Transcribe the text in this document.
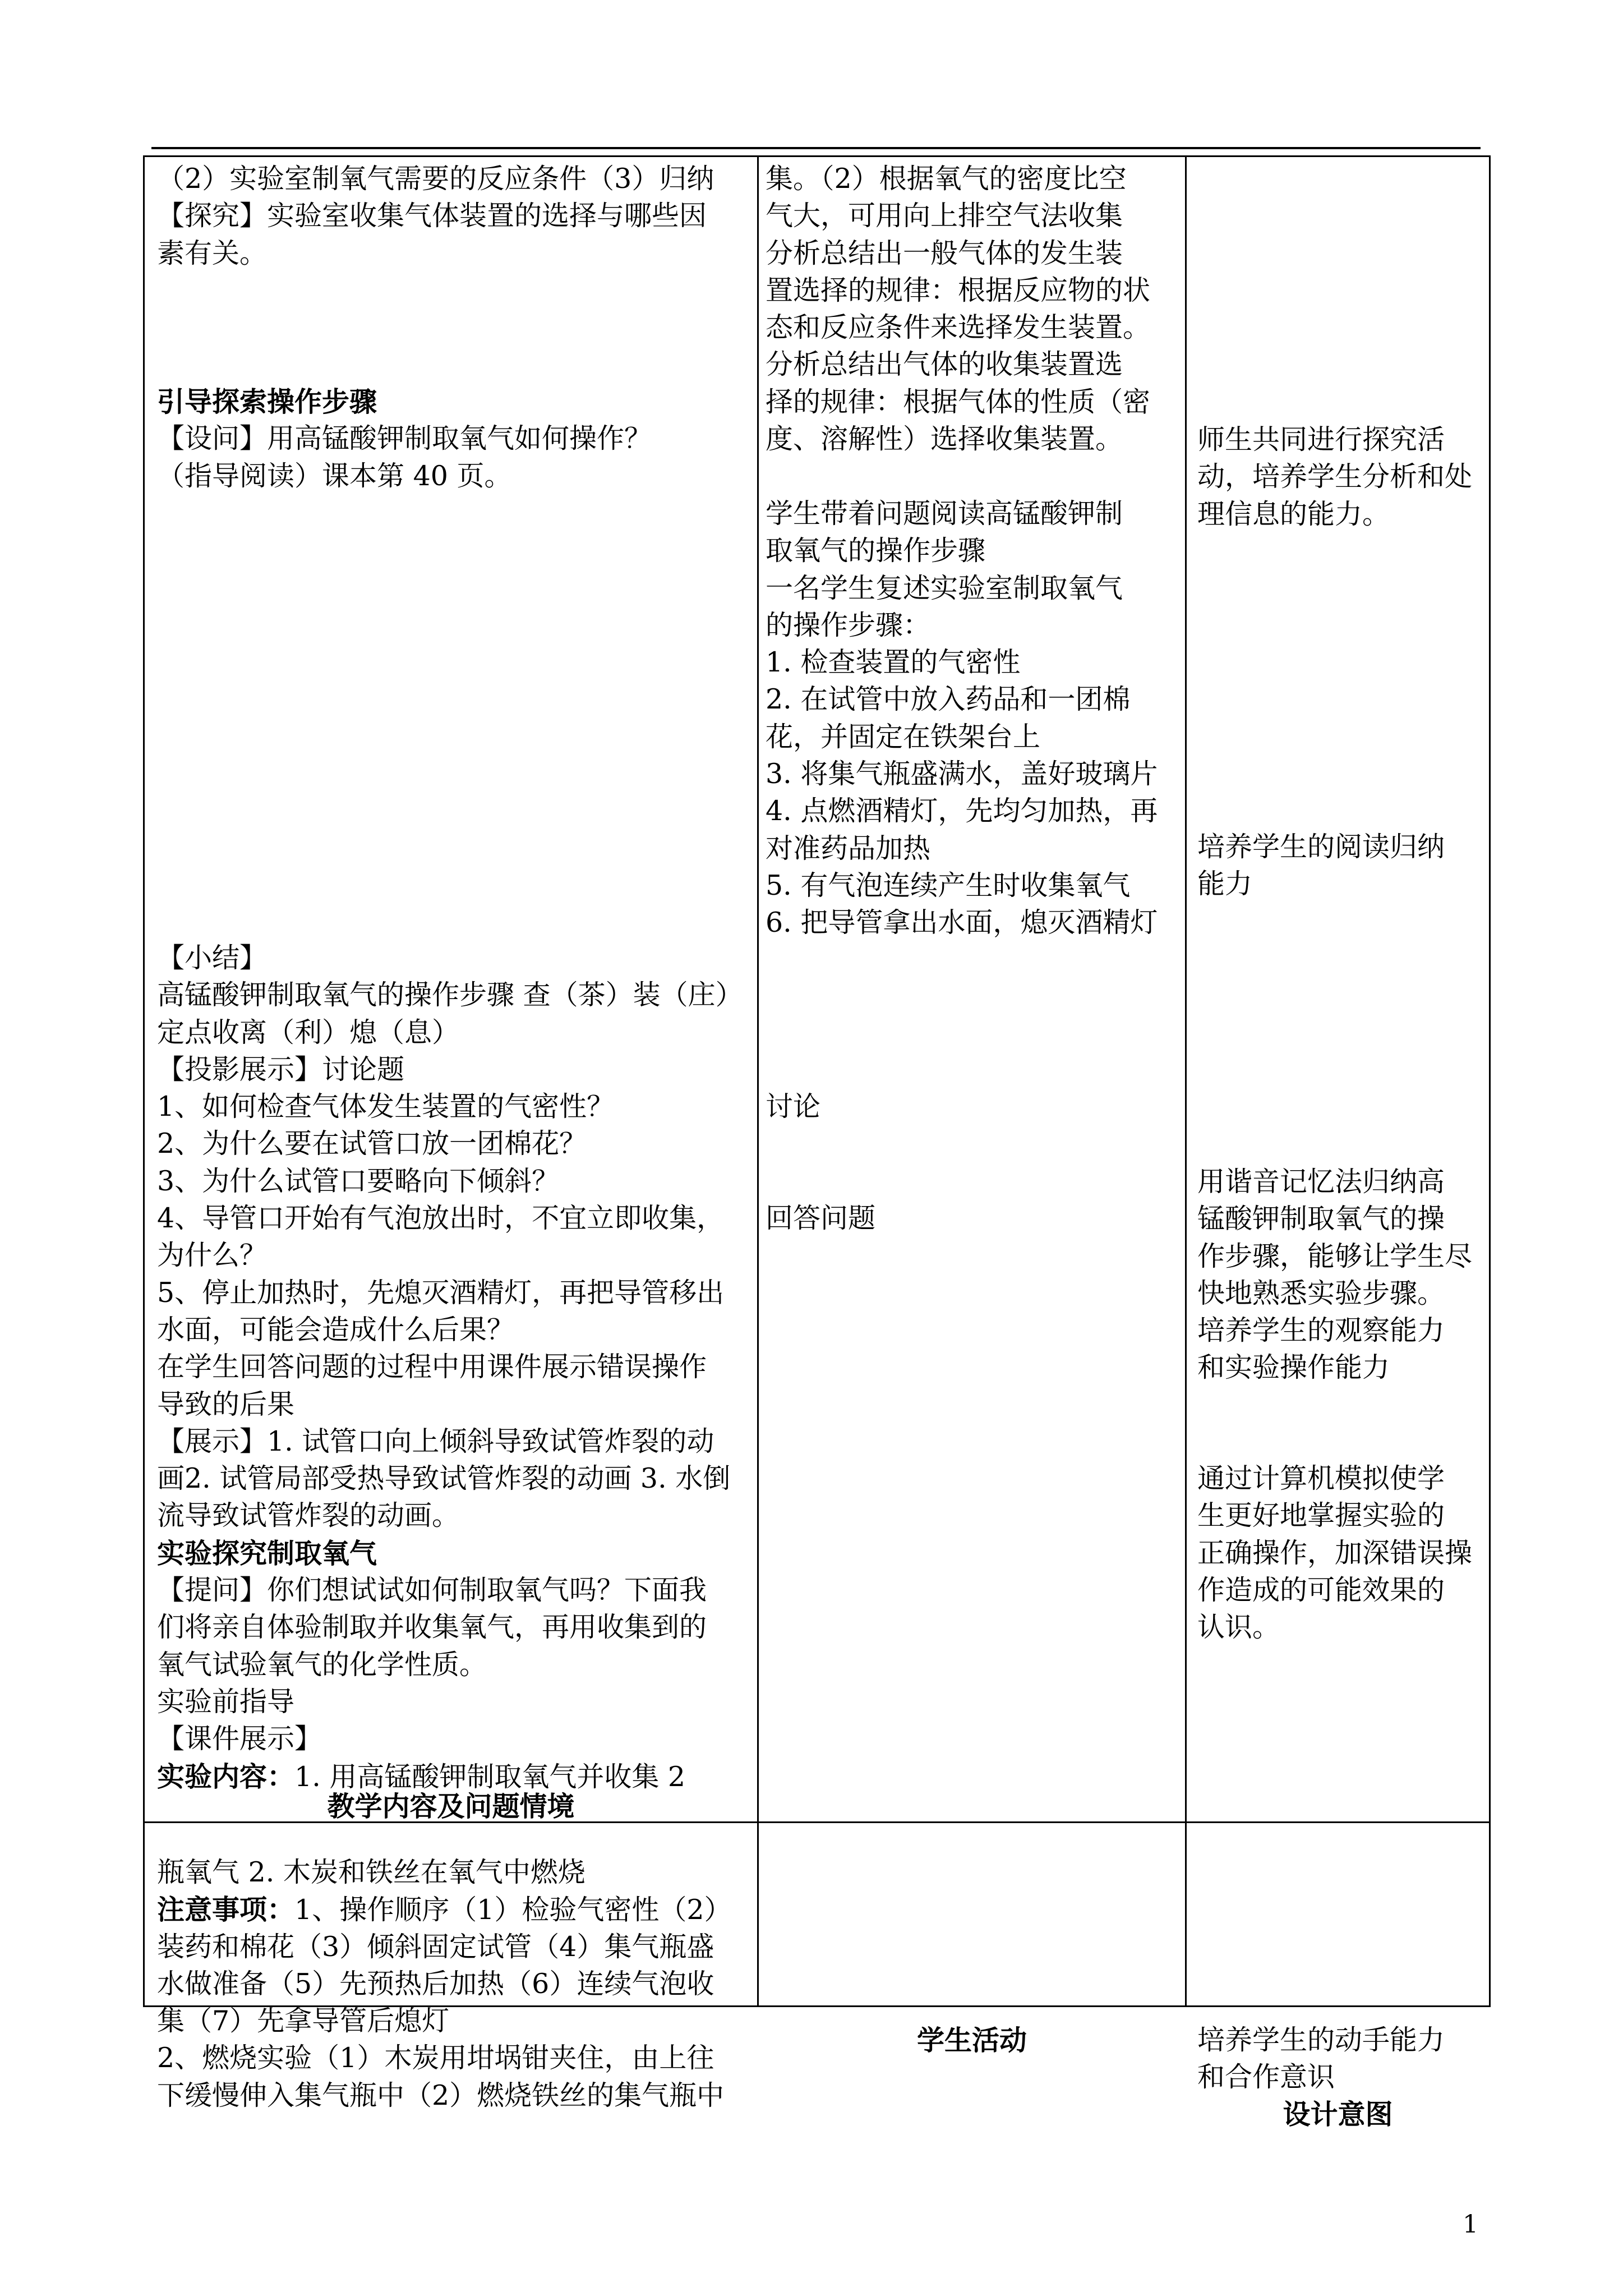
（2）实验室制氧气需要的反应条件（3）归纳

【探究】实验室收集气体装置的选择与哪些因

素有关。

引导探索操作步骤

【设问】用高锰酸钾制取氧气如何操作？

（指导阅读）课本第 40 页。

【小结】

高锰酸钾制取氧气的操作步骤 查（茶）装（庄）

定点收离（利）熄（息）

【投影展示】讨论题

1、如何检查气体发生装置的气密性？

2、为什么要在试管口放一团棉花？

3、为什么试管口要略向下倾斜？

4、导管口开始有气泡放出时，不宜立即收集，

为什么？

5、停止加热时，先熄灭酒精灯，再把导管移出

水面，可能会造成什么后果？

在学生回答问题的过程中用课件展示错误操作

导致的后果

【展示】1. 试管口向上倾斜导致试管炸裂的动

画2. 试管局部受热导致试管炸裂的动画 3. 水倒

流导致试管炸裂的动画。

实验探究制取氧气

【提问】你们想试试如何制取氧气吗？下面我

们将亲自体验制取并收集氧气，再用收集到的

氧气试验氧气的化学性质。

实验前指导

【课件展示】

实验内容：1. 用高锰酸钾制取氧气并收集 2

教学内容及问题情境

集。（2）根据氧气的密度比空

气大，可用向上排空气法收集

分析总结出一般气体的发生装

置选择的规律：根据反应物的状

态和反应条件来选择发生装置。

分析总结出气体的收集装置选

择的规律：根据气体的性质（密

度、溶解性）选择收集装置。

学生带着问题阅读高锰酸钾制

取氧气的操作步骤

一名学生复述实验室制取氧气

的操作步骤：

1. 检查装置的气密性

2. 在试管中放入药品和一团棉

花，并固定在铁架台上

3. 将集气瓶盛满水，盖好玻璃片

4. 点燃酒精灯，先均匀加热，再

对准药品加热

5. 有气泡连续产生时收集氧气

6. 把导管拿出水面，熄灭酒精灯

讨论

回答问题

师生共同进行探究活

动，培养学生分析和处

理信息的能力。

培养学生的阅读归纳

能力

用谐音记忆法归纳高

锰酸钾制取氧气的操

作步骤，能够让学生尽

快地熟悉实验步骤。

培养学生的观察能力

和实验操作能力

通过计算机模拟使学

生更好地掌握实验的

正确操作，加深错误操

作造成的可能效果的

认识。

瓶氧气 2. 木炭和铁丝在氧气中燃烧

注意事项：1、操作顺序（1）检验气密性（2）

装药和棉花（3）倾斜固定试管（4）集气瓶盛

水做准备（5）先预热后加热（6）连续气泡收

集（7）先拿导管后熄灯

2、燃烧实验（1）木炭用坩埚钳夹住，由上往

下缓慢伸入集气瓶中（2）燃烧铁丝的集气瓶中

学生活动	培养学生的动手能力

和合作意识

设计意图

1
